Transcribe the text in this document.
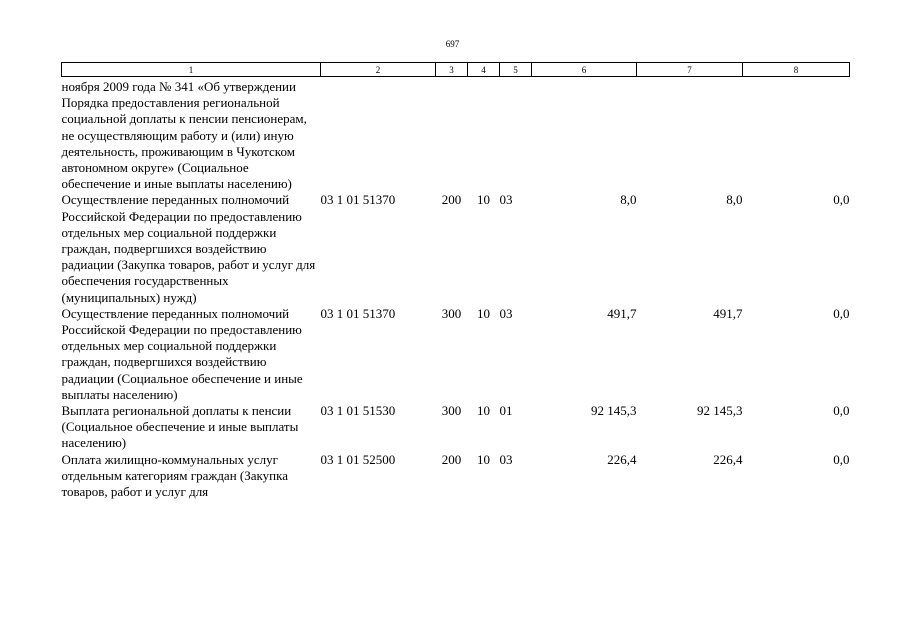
697
1	2	3	4	5	6	7	8
ноября 2009 года № 341 «Об утверждении Порядка предоставления региональной социальной доплаты к пенсии пенсионерам, не осуществляющим работу и (или) иную деятельность, проживающим в Чукотском автономном округе» (Социальное обеспечение и иные выплаты населению)							
Осуществление переданных полномочий Российской Федерации по предоставлению отдельных мер социальной поддержки граждан, подвергшихся воздействию радиации (Закупка товаров, работ и услуг для обеспечения государственных (муниципальных) нужд)	03 1 01 51370	200	10	03	8,0	8,0	0,0
Осуществление переданных полномочий Российской Федерации по предоставлению отдельных мер социальной поддержки граждан, подвергшихся воздействию радиации (Социальное обеспечение и иные выплаты населению)	03 1 01 51370	300	10	03	491,7	491,7	0,0
Выплата региональной доплаты к пенсии (Социальное обеспечение и иные выплаты населению)	03 1 01 51530	300	10	01	92 145,3	92 145,3	0,0
Оплата жилищно-коммунальных услуг отдельным категориям граждан (Закупка товаров, работ и услуг для	03 1 01 52500	200	10	03	226,4	226,4	0,0
